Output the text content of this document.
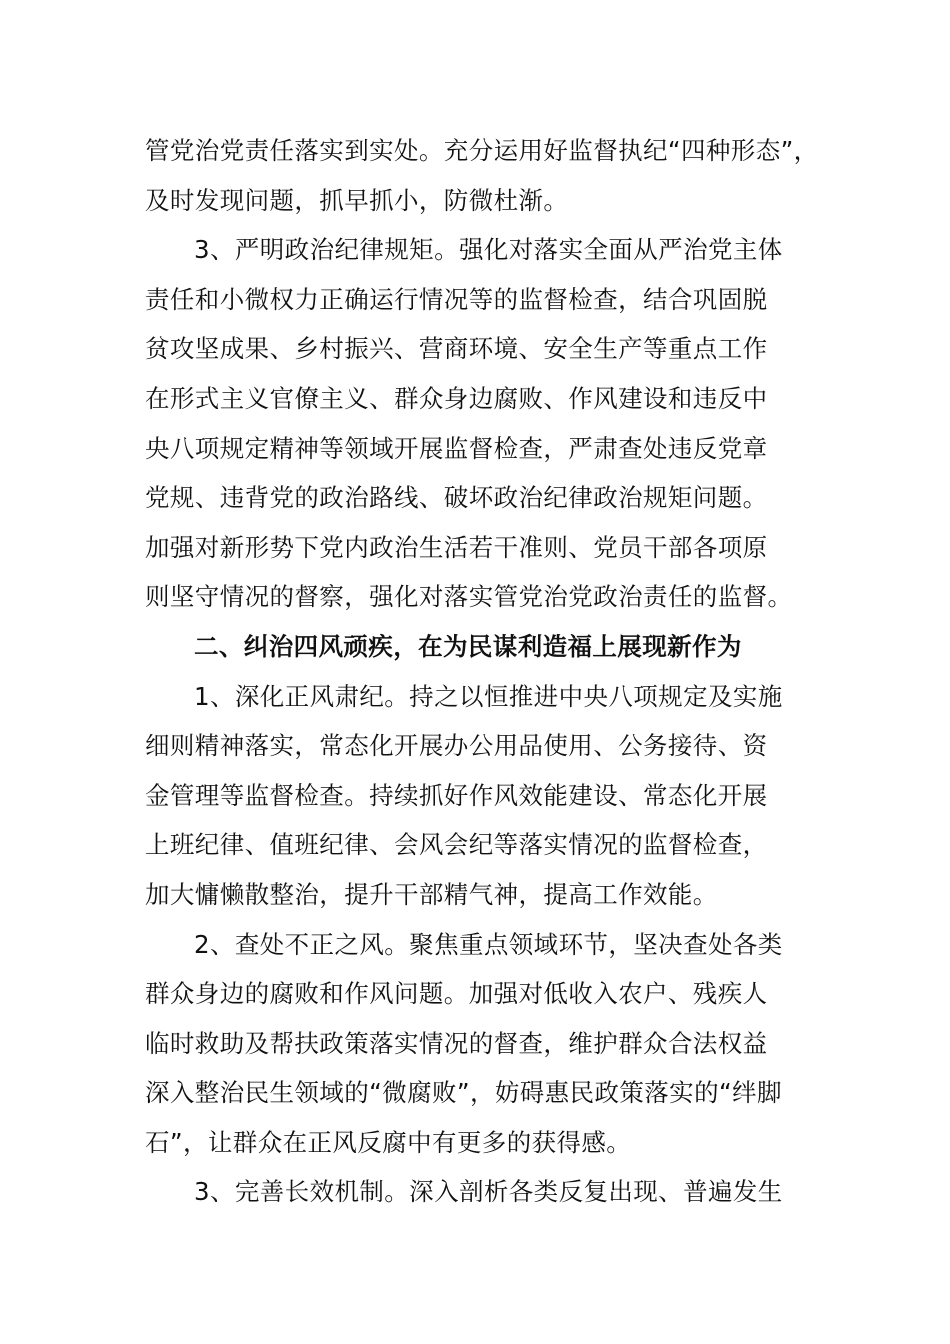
管党治党责任落实到实处。充分运用好监督执纪“四种形态”，
及时发现问题，抓早抓小，防微杜渐。

3、严明政治纪律规矩。强化对落实全面从严治党主体
责任和小微权力正确运行情况等的监督检查，结合巩固脱
贫攻坚成果、乡村振兴、营商环境、安全生产等重点工作
在形式主义官僚主义、群众身边腐败、作风建设和违反中
央八项规定精神等领域开展监督检查，严肃查处违反党章
党规、违背党的政治路线、破坏政治纪律政治规矩问题。
加强对新形势下党内政治生活若干准则、党员干部各项原
则坚守情况的督察，强化对落实管党治党政治责任的监督。

二、纠治四风顽疾，在为民谋利造福上展现新作为

1、深化正风肃纪。持之以恒推进中央八项规定及实施
细则精神落实，常态化开展办公用品使用、公务接待、资
金管理等监督检查。持续抓好作风效能建设、常态化开展
上班纪律、值班纪律、会风会纪等落实情况的监督检查，
加大慵懒散整治，提升干部精气神，提高工作效能。

2、查处不正之风。聚焦重点领域环节，坚决查处各类
群众身边的腐败和作风问题。加强对低收入农户、残疾人
临时救助及帮扶政策落实情况的督查，维护群众合法权益
深入整治民生领域的“微腐败”，妨碍惠民政策落实的“绊脚
石”，让群众在正风反腐中有更多的获得感。

3、完善长效机制。深入剖析各类反复出现、普遍发生
